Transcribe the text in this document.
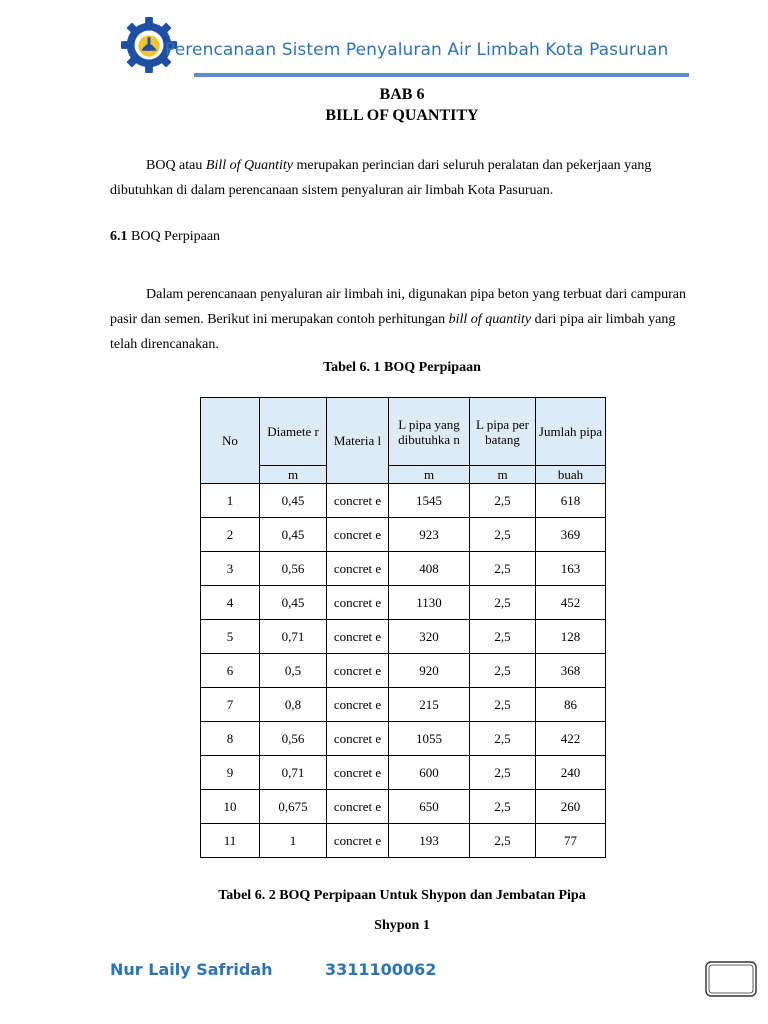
Perencanaan Sistem Penyaluran Air Limbah Kota Pasuruan
BAB 6
BILL OF QUANTITY
BOQ atau Bill of Quantity merupakan perincian dari seluruh peralatan dan pekerjaan yang dibutuhkan di dalam perencanaan sistem penyaluran air limbah Kota Pasuruan.
6.1 BOQ Perpipaan
Dalam perencanaan penyaluran air limbah ini, digunakan pipa beton yang terbuat dari campuran pasir dan semen. Berikut ini merupakan contoh perhitungan bill of quantity dari pipa air limbah yang telah direncanakan.
Tabel 6. 1 BOQ Perpipaan
No	Diamete r	Materia l	L pipa yang dibutuhka n	L pipa per batang	Jumlah pipa
	m		m	m	buah
1	0,45	concret e	1545	2,5	618
2	0,45	concret e	923	2,5	369
3	0,56	concret e	408	2,5	163
4	0,45	concret e	1130	2,5	452
5	0,71	concret e	320	2,5	128
6	0,5	concret e	920	2,5	368
7	0,8	concret e	215	2,5	86
8	0,56	concret e	1055	2,5	422
9	0,71	concret e	600	2,5	240
10	0,675	concret e	650	2,5	260
11	1	concret e	193	2,5	77
Tabel 6. 2 BOQ Perpipaan Untuk Shypon dan Jembatan Pipa
Shypon 1
Nur Laily Safridah	3311100062
